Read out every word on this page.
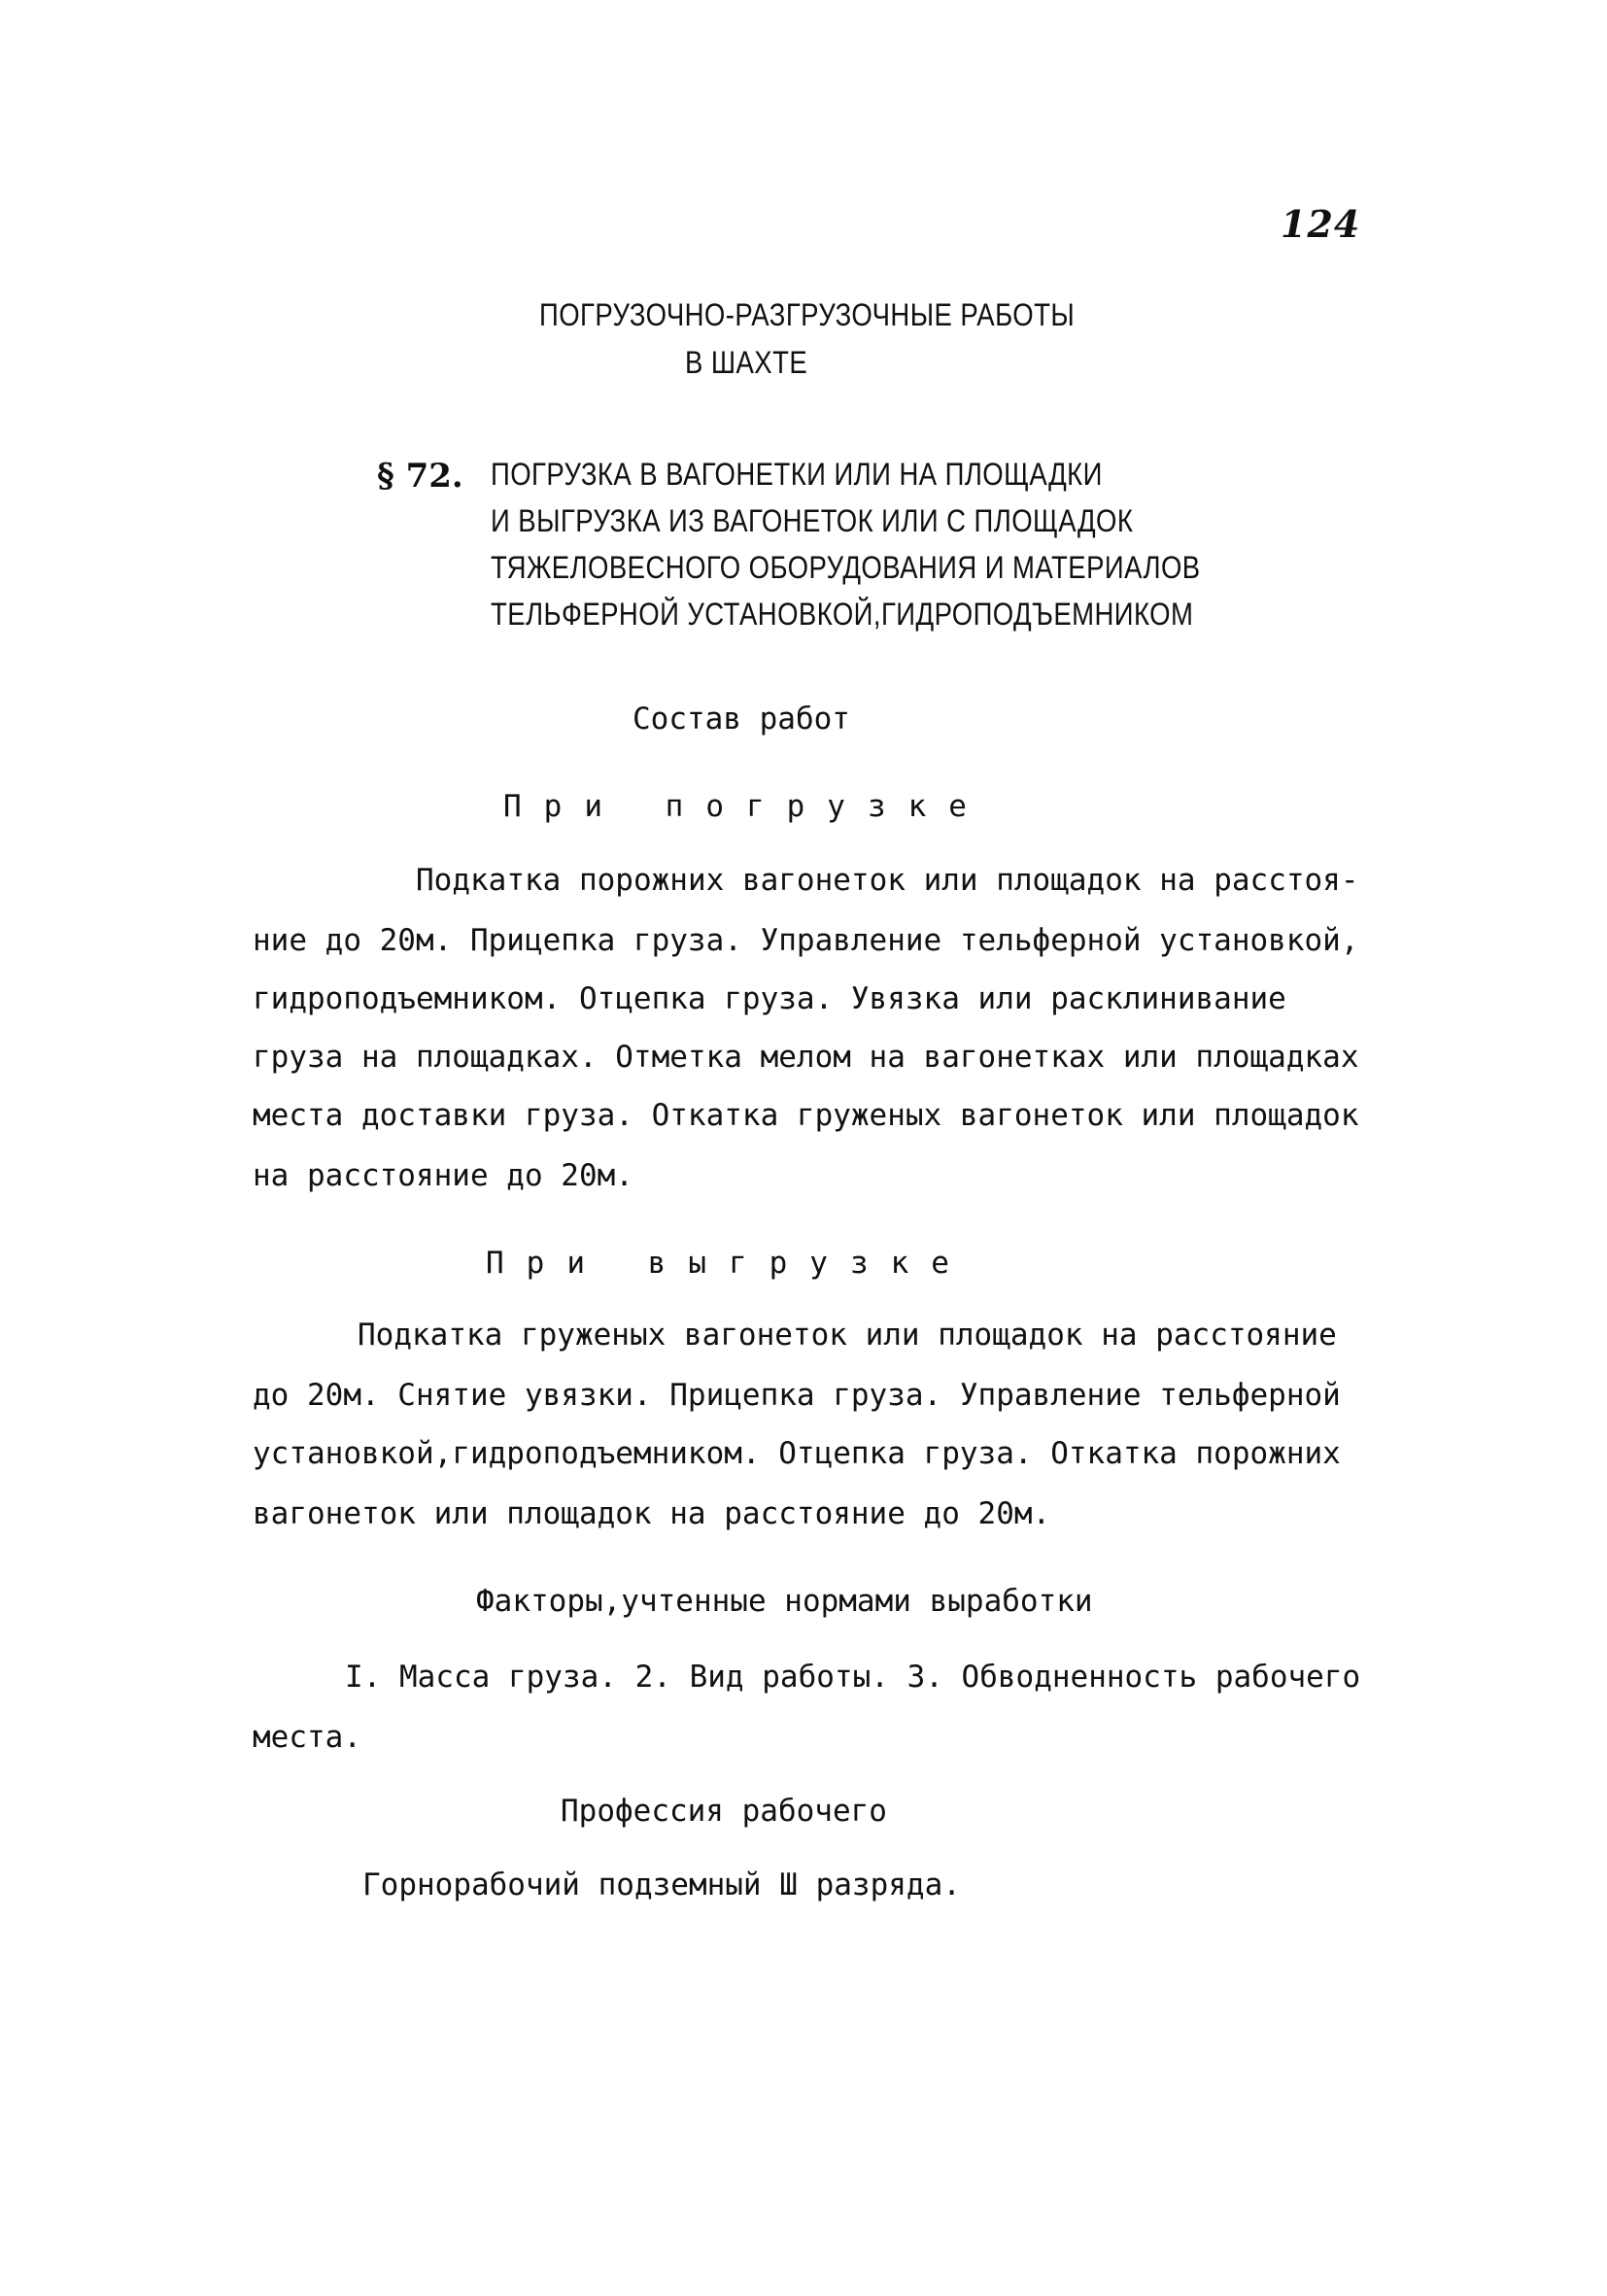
124
ПОГРУЗОЧНО-РАЗГРУЗОЧНЫЕ РАБОТЫ
В ШАХТЕ
§ 72. ПОГРУЗКА В ВАГОНЕТКИ ИЛИ НА ПЛОЩАДКИ
И ВЫГРУЗКА ИЗ ВАГОНЕТОК ИЛИ С ПЛОЩАДОК
ТЯЖЕЛОВЕСНОГО ОБОРУДОВАНИЯ И МАТЕРИАЛОВ
ТЕЛЬФЕРНОЙ УСТАНОВКОЙ,ГИДРОПОДЪЕМНИКОМ
Состав работ
При погрузке
Подкатка порожних вагонеток или площадок на расстоя-
ние до 20м. Прицепка груза. Управление тельферной установкой,
гидроподъемником. Отцепка груза. Увязка или расклинивание
груза на площадках. Отметка мелом на вагонетках или площадках
места доставки груза. Откатка груженых вагонеток или площадок
на расстояние до 20м.
При выгрузке
Подкатка груженых вагонеток или площадок на расстояние
до 20м. Снятие увязки. Прицепка груза. Управление тельферной
установкой,гидроподъемником. Отцепка груза. Откатка порожних
вагонеток или площадок на расстояние до 20м.
Факторы,учтенные нормами выработки
I. Масса груза. 2. Вид работы. 3. Обводненность рабочего
места.
Профессия рабочего
Горнорабочий подземный Ш разряда.
